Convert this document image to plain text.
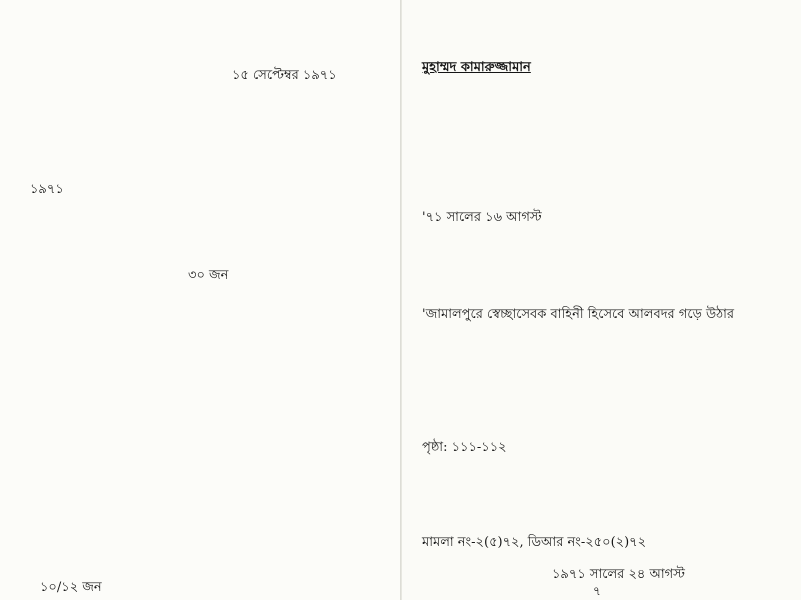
১৫ সেপ্টেম্বর ১৯৭১

১৯৭১

৩০ জন

১০/১২ জন

মুহাম্মদ কামারুজ্জামান

'৭১ সালের ১৬ আগস্ট

'জামালপুরে স্বেচ্ছাসেবক বাহিনী হিসেবে আলবদর গড়ে উঠার

পৃষ্ঠা: ১১১-১১২

মামলা নং-২(৫)৭২, ডিআর নং-২৫০(২)৭২

১৯৭১ সালের ২৪ আগস্ট

৭
